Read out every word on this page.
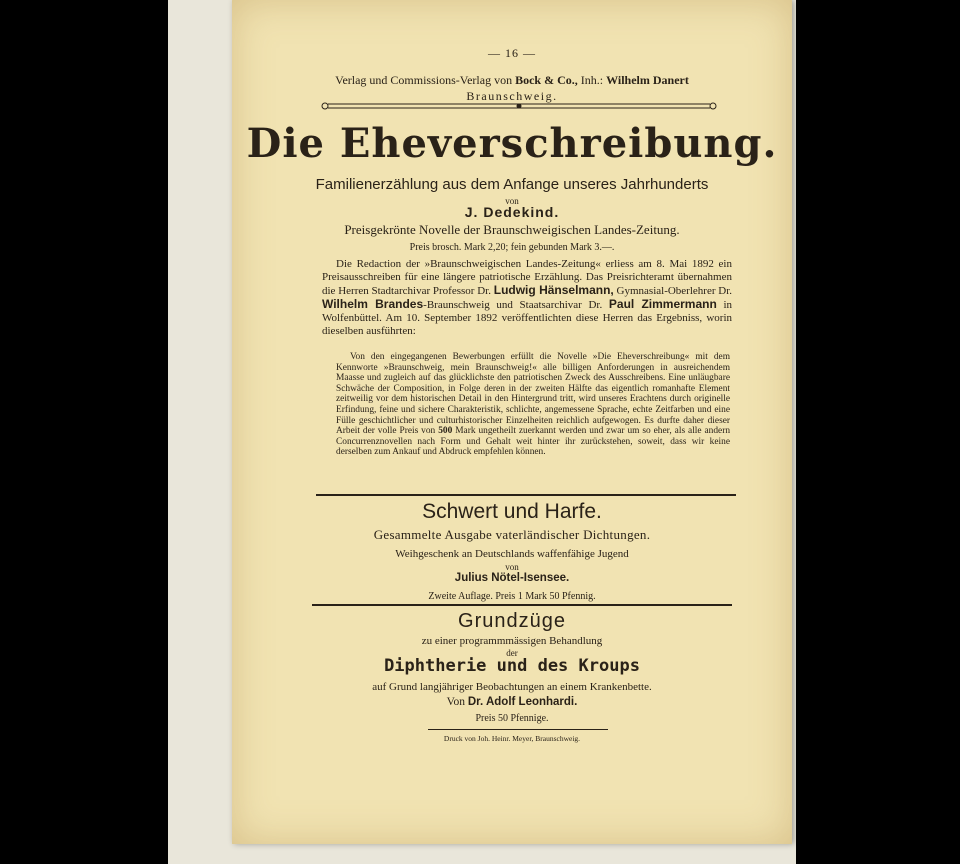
— 16 —
Verlag und Commissions-Verlag von Bock & Co., Inh.: Wilhelm Danert
Braunschweig.
Die Eheverschreibung.
Familienerzählung aus dem Anfange unseres Jahrhunderts
von
J. Dedekind.
Preisgekrönte Novelle der Braunschweigischen Landes-Zeitung.
Preis brosch. Mark 2,20; fein gebunden Mark 3.—.
Die Redaction der »Braunschweigischen Landes-Zeitung« erliess am 8. Mai 1892 ein Preisausschreiben für eine längere patriotische Erzählung. Das Preisrichteramt übernahmen die Herren Stadtarchivar Professor Dr. Ludwig Hänselmann, Gymnasial-Oberlehrer Dr. Wilhelm Brandes-Braunschweig und Staatsarchivar Dr. Paul Zimmermann in Wolfenbüttel. Am 10. September 1892 veröffentlichten diese Herren das Ergebniss, worin dieselben ausführten:
Von den eingegangenen Bewerbungen erfüllt die Novelle »Die Eheverschreibung« mit dem Kennworte »Braunschweig, mein Braunschweig!« alle billigen Anforderungen in ausreichendem Maasse und zugleich auf das glücklichste den patriotischen Zweck des Ausschreibens. Eine unläugbare Schwäche der Composition, in Folge deren in der zweiten Hälfte das eigentlich romanhafte Element zeitweilig vor dem historischen Detail in den Hintergrund tritt, wird unseres Erachtens durch originelle Erfindung, feine und sichere Charakteristik, schlichte, angemessene Sprache, echte Zeitfarben und eine Fülle geschichtlicher und culturhistorischer Einzelheiten reichlich aufgewogen. Es durfte daher dieser Arbeit der volle Preis von 500 Mark ungetheilt zuerkannt werden und zwar um so eher, als alle andern Concurrenznovellen nach Form und Gehalt weit hinter ihr zurückstehen, soweit, dass wir keine derselben zum Ankauf und Abdruck empfehlen können.
Schwert und Harfe.
Gesammelte Ausgabe vaterländischer Dichtungen.
Weihgeschenk an Deutschlands waffenfähige Jugend
von
Julius Nötel-Isensee.
Zweite Auflage. Preis 1 Mark 50 Pfennig.
Grundzüge
zu einer programmmässigen Behandlung
der
Diphtherie und des Kroups
auf Grund langjähriger Beobachtungen an einem Krankenbette.
Von Dr. Adolf Leonhardi.
Preis 50 Pfennige.
Druck von Joh. Heinr. Meyer, Braunschweig.
